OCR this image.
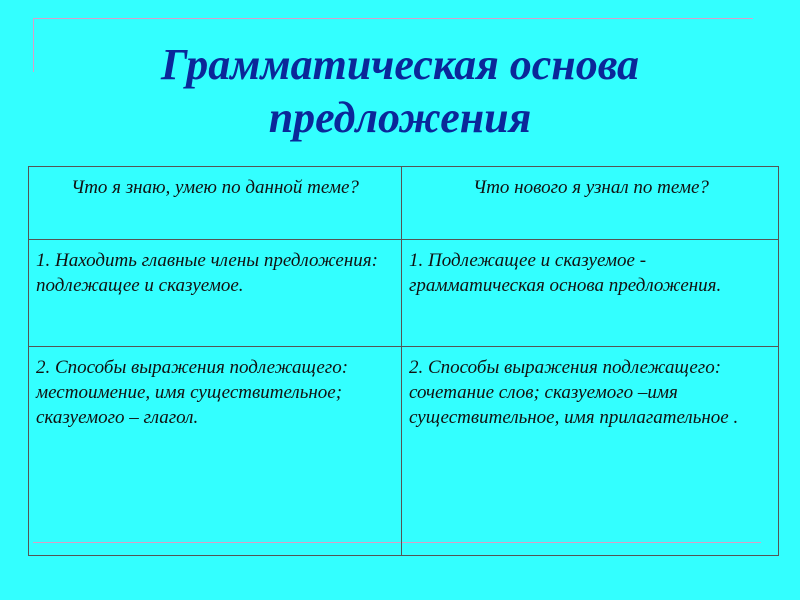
Грамматическая основа
предложения
Что я знаю, умею по данной теме?	Что нового я узнал по теме?
1. Находить главные члены предложения: подлежащее и сказуемое.	1. Подлежащее и сказуемое - грамматическая основа предложения.
2. Способы выражения подлежащего: местоимение, имя существительное; сказуемого – глагол.	2. Способы выражения подлежащего: сочетание слов; сказуемого –имя существительное, имя прилагательное .
